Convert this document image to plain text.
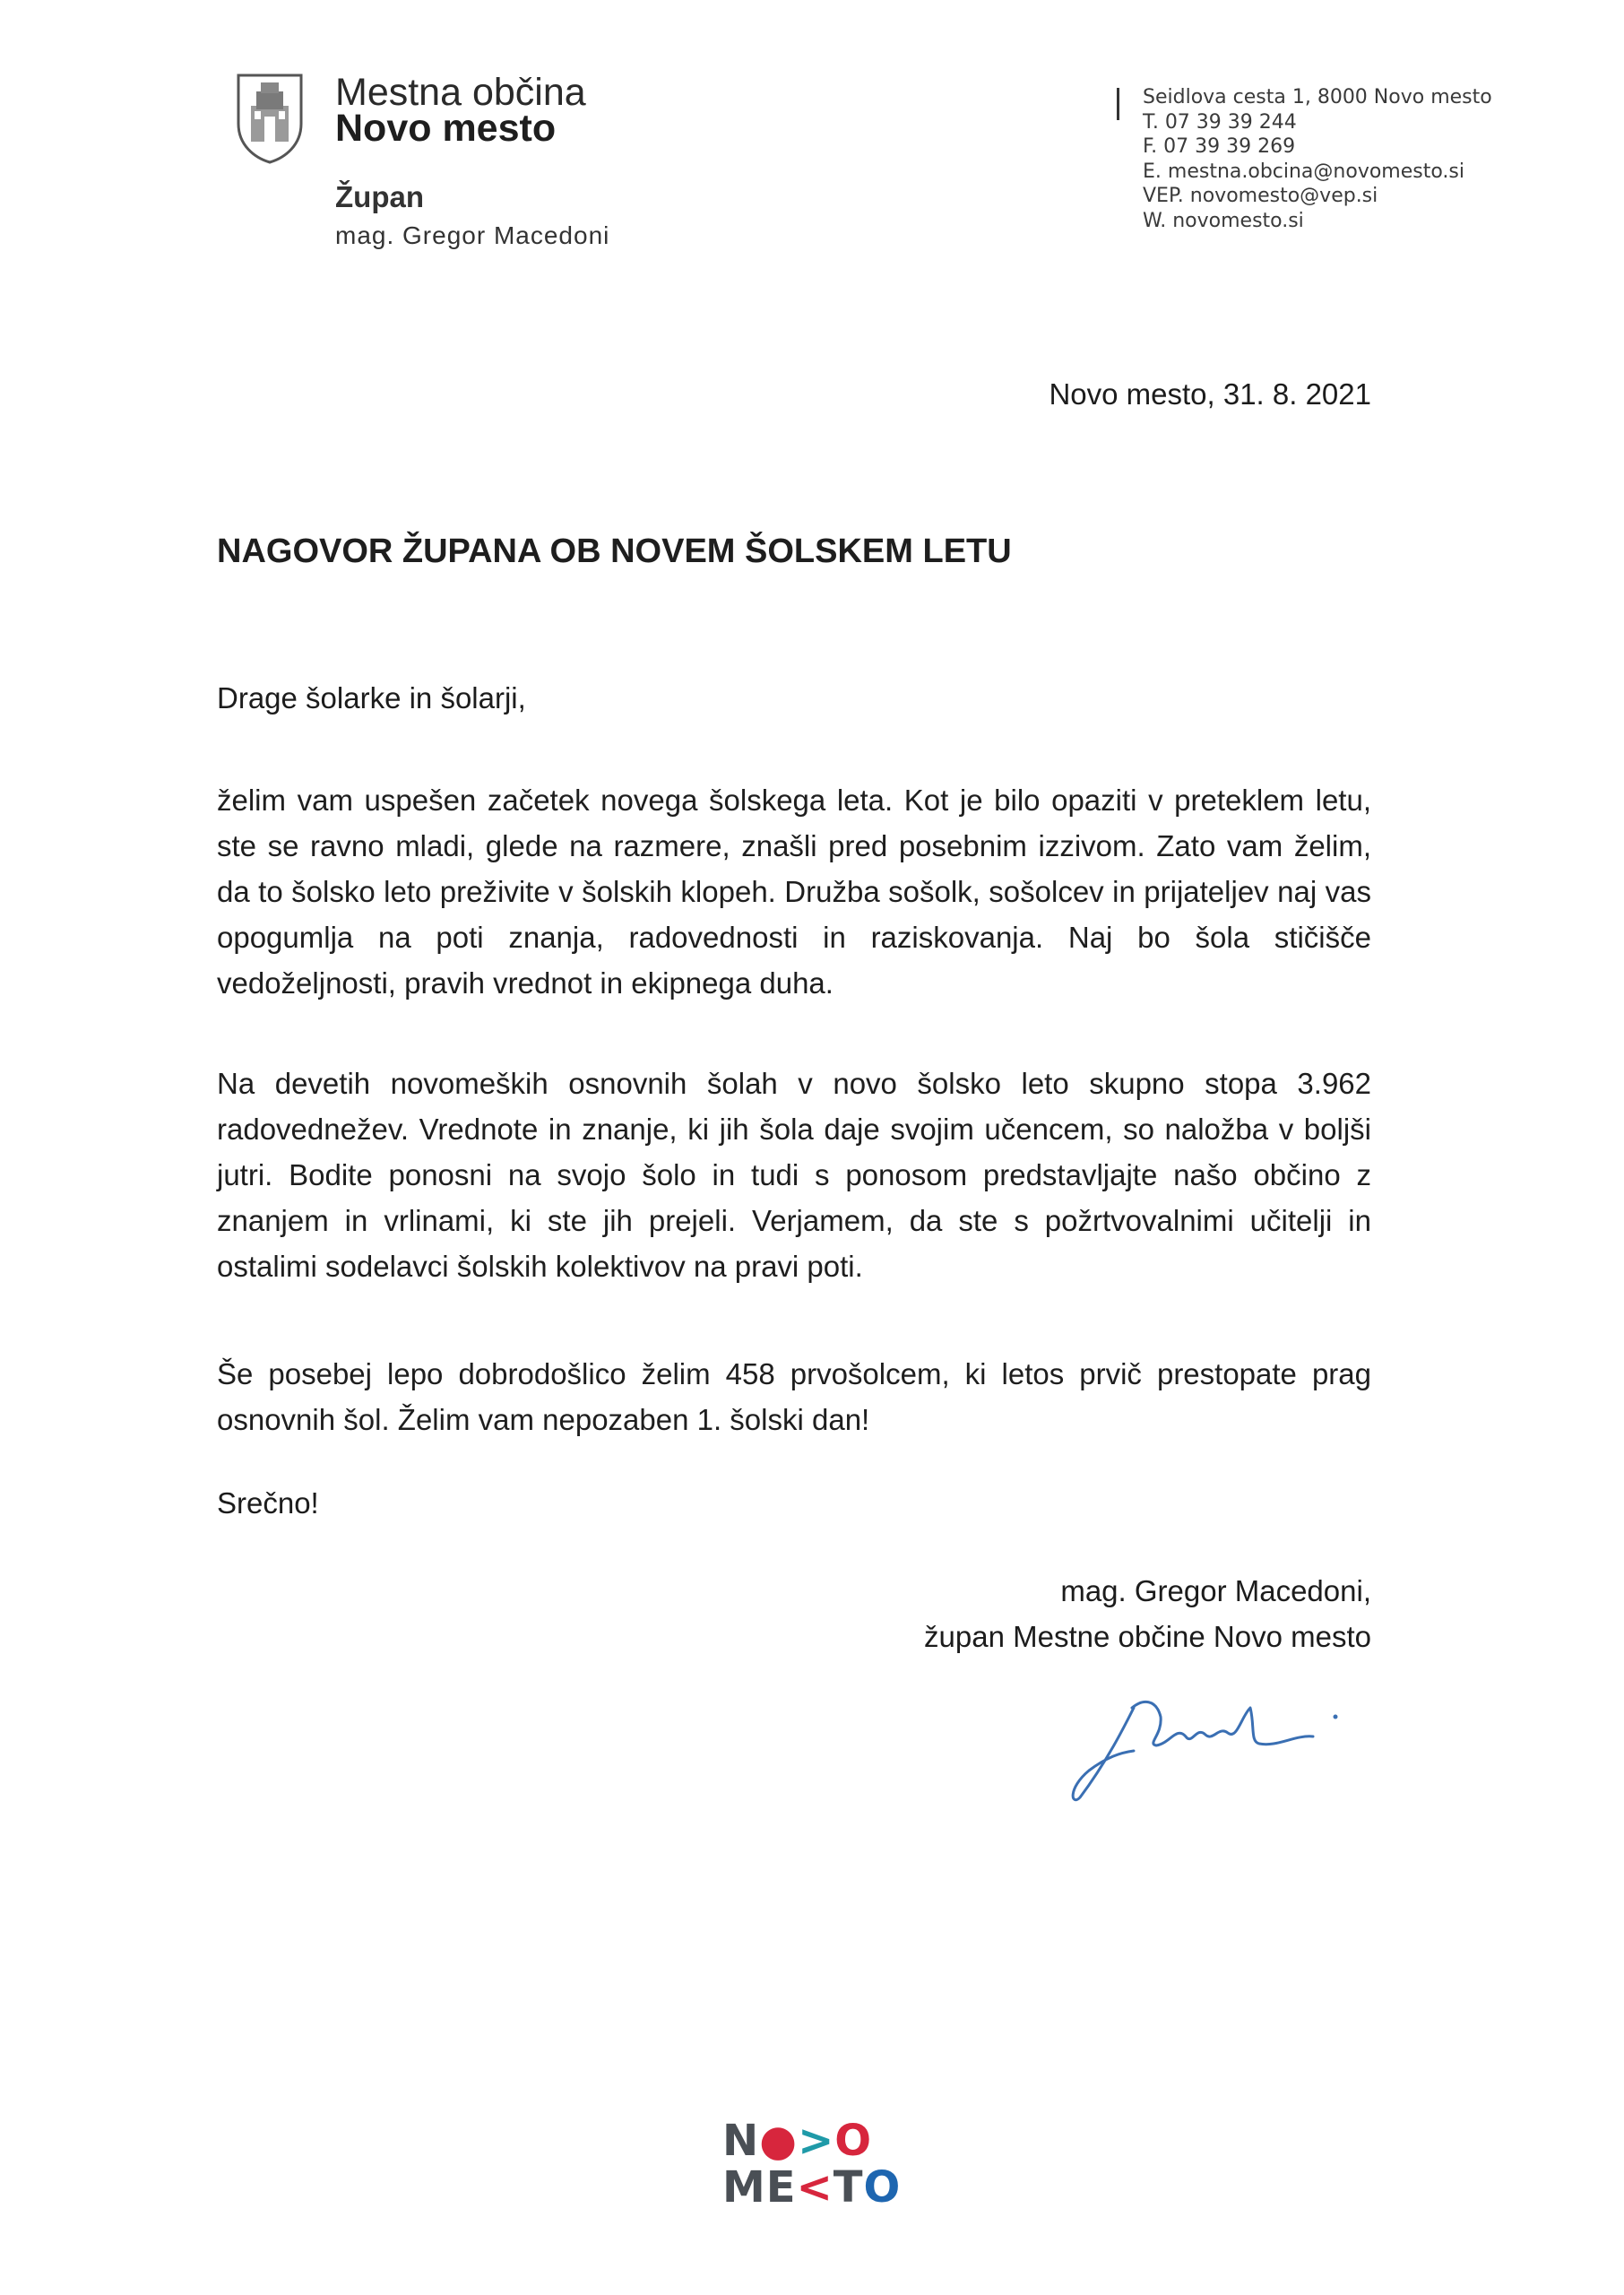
Mestna občina
Novo mesto
Župan
mag. Gregor Macedoni
Seidlova cesta 1, 8000 Novo mesto
T. 07 39 39 244
F. 07 39 39 269
E. mestna.obcina@novomesto.si
VEP. novomesto@vep.si
W. novomesto.si
Novo mesto, 31. 8. 2021
NAGOVOR ŽUPANA OB NOVEM ŠOLSKEM LETU
Drage šolarke in šolarji,
želim vam uspešen začetek novega šolskega leta. Kot je bilo opaziti v preteklem letu, ste se ravno mladi, glede na razmere, znašli pred posebnim izzivom. Zato vam želim, da to šolsko leto preživite v šolskih klopeh. Družba sošolk, sošolcev in prijateljev naj vas opogumlja na poti znanja, radovednosti in raziskovanja. Naj bo šola stičišče vedoželjnosti, pravih vrednot in ekipnega duha.
Na devetih novomeških osnovnih šolah v novo šolsko leto skupno stopa 3.962 radovednežev. Vrednote in znanje, ki jih šola daje svojim učencem, so naložba v boljši jutri. Bodite ponosni na svojo šolo in tudi s ponosom predstavljajte našo občino z znanjem in vrlinami, ki ste jih prejeli. Verjamem, da ste s požrtvovalnimi učitelji in ostalimi sodelavci šolskih kolektivov na pravi poti.
Še posebej lepo dobrodošlico želim 458 prvošolcem, ki letos prvič prestopate prag osnovnih šol. Želim vam nepozaben 1. šolski dan!
Srečno!
mag. Gregor Macedoni,
župan Mestne občine Novo mesto
N●>O
ME<TO
